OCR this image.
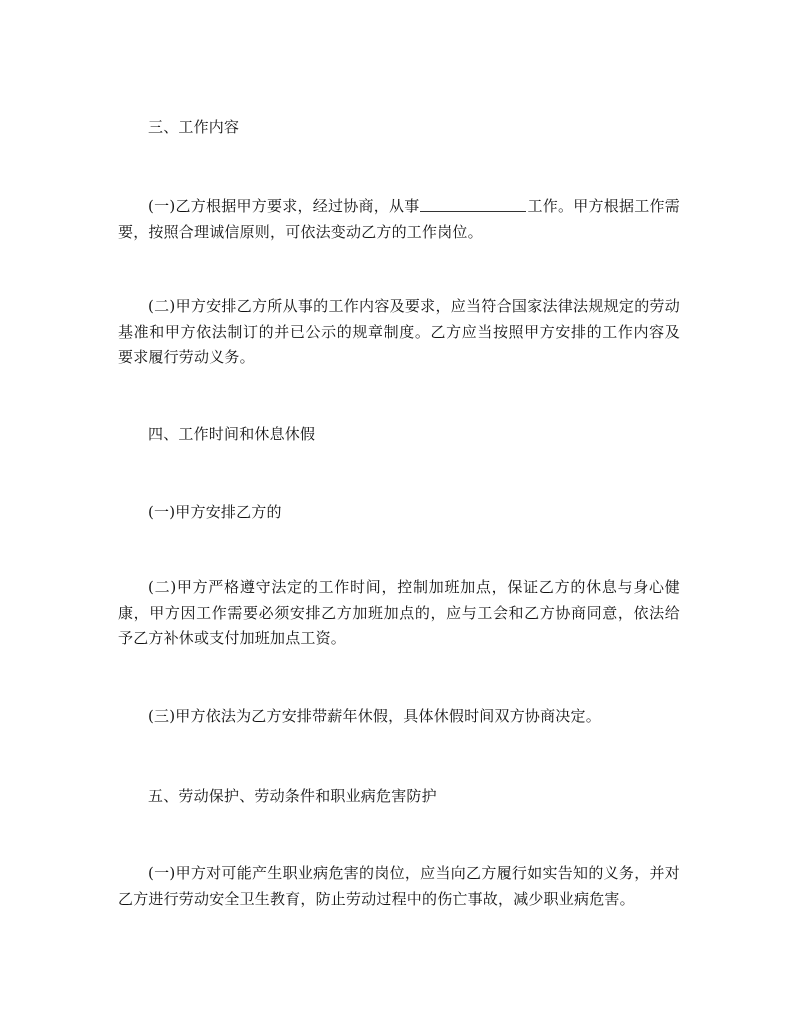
三、工作内容

(一)乙方根据甲方要求，经过协商，从事	工作。甲方根据工作需要，按照合理诚信原则，可依法变动乙方的工作岗位。

(二)甲方安排乙方所从事的工作内容及要求，应当符合国家法律法规规定的劳动基准和甲方依法制订的并已公示的规章制度。乙方应当按照甲方安排的工作内容及要求履行劳动义务。

四、工作时间和休息休假

(一)甲方安排乙方的

(二)甲方严格遵守法定的工作时间，控制加班加点，保证乙方的休息与身心健康，甲方因工作需要必须安排乙方加班加点的，应与工会和乙方协商同意，依法给予乙方补休或支付加班加点工资。

(三)甲方依法为乙方安排带薪年休假，具体休假时间双方协商决定。

五、劳动保护、劳动条件和职业病危害防护

(一)甲方对可能产生职业病危害的岗位，应当向乙方履行如实告知的义务，并对乙方进行劳动安全卫生教育，防止劳动过程中的伤亡事故，减少职业病危害。
